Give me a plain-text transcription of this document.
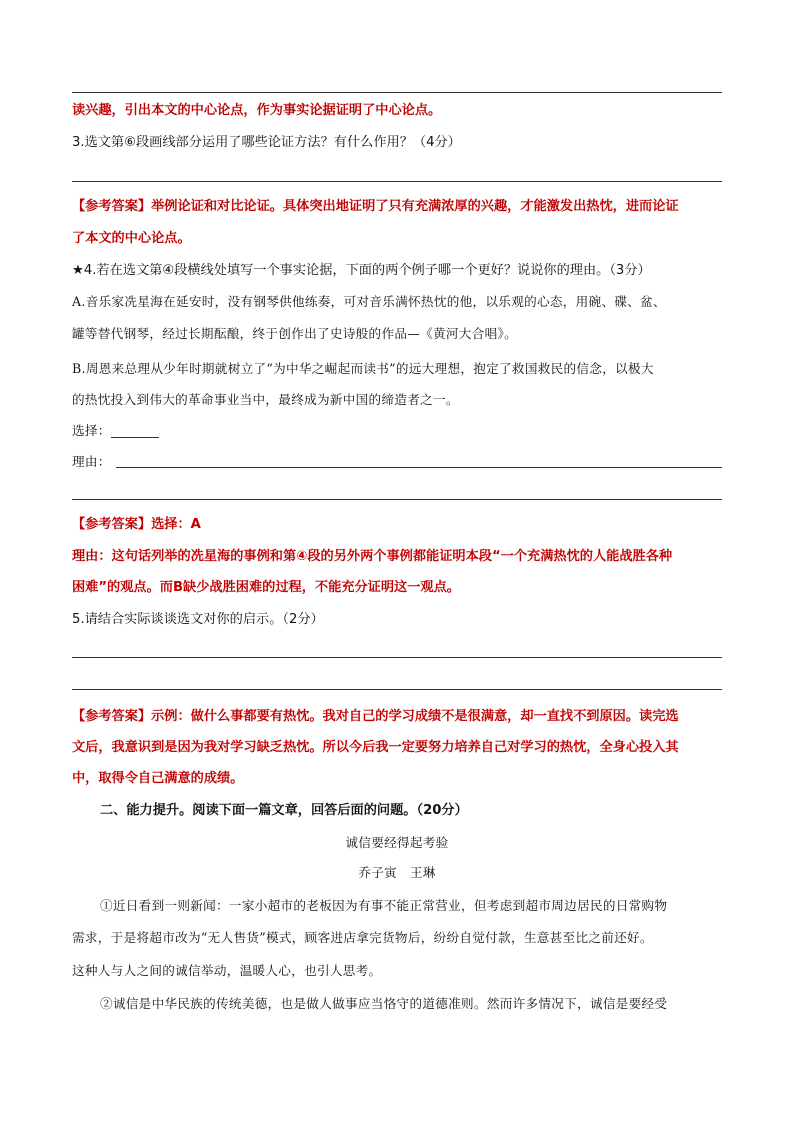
读兴趣，引出本文的中心论点，作为事实论据证明了中心论点。
3.选文第⑥段画线部分运用了哪些论证方法？有什么作用？（4分）
【参考答案】举例论证和对比论证。具体突出地证明了只有充满浓厚的兴趣，才能激发出热忱，进而论证
了本文的中心论点。
★4.若在选文第④段横线处填写一个事实论据，下面的两个例子哪一个更好？说说你的理由。（3分）
A.音乐家冼星海在延安时，没有钢琴供他练奏，可对音乐满怀热忱的他，以乐观的心态，用碗、碟、盆、
罐等替代钢琴，经过长期酝酿，终于创作出了史诗般的作品—《黄河大合唱》。
B.周恩来总理从少年时期就树立了“为中华之崛起而读书”的远大理想，抱定了救国救民的信念，以极大
的热忱投入到伟大的革命事业当中，最终成为新中国的缔造者之一。
选择：
理由：
【参考答案】选择：A
理由：这句话列举的冼星海的事例和第④段的另外两个事例都能证明本段“一个充满热忱的人能战胜各种
困难”的观点。而B缺少战胜困难的过程，不能充分证明这一观点。
5.请结合实际谈谈选文对你的启示。（2分）
【参考答案】示例：做什么事都要有热忱。我对自己的学习成绩不是很满意，却一直找不到原因。读完选
文后，我意识到是因为我对学习缺乏热忱。所以今后我一定要努力培养自己对学习的热忱，全身心投入其
中，取得令自己满意的成绩。
二、能力提升。阅读下面一篇文章，回答后面的问题。（20分）
诚信要经得起考验
乔子寅　王琳
①近日看到一则新闻：一家小超市的老板因为有事不能正常营业，但考虑到超市周边居民的日常购物
需求，于是将超市改为“无人售货”模式，顾客进店拿完货物后，纷纷自觉付款，生意甚至比之前还好。
这种人与人之间的诚信举动，温暖人心，也引人思考。
②诚信是中华民族的传统美德，也是做人做事应当恪守的道德准则。然而许多情况下，诚信是要经受
